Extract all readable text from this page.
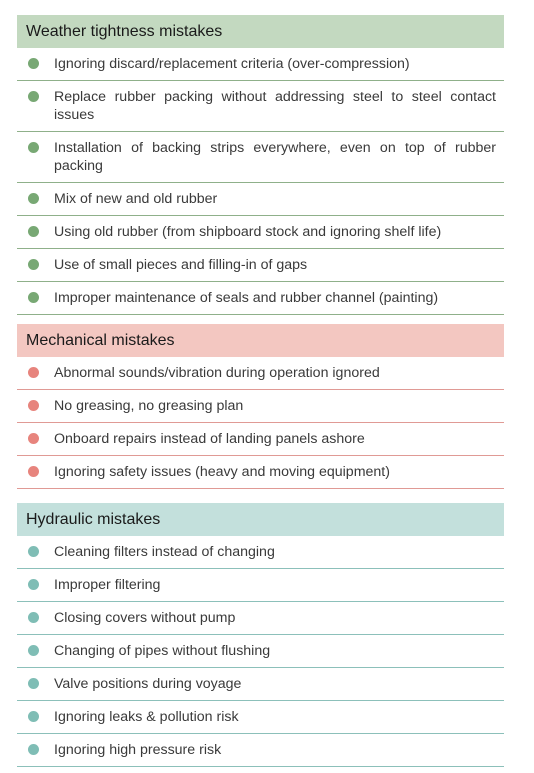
Weather tightness mistakes
Ignoring discard/replacement criteria (over-compression)
Replace rubber packing without addressing steel to steel contact issues
Installation of backing strips everywhere, even on top of rubber packing
Mix of new and old rubber
Using old rubber (from shipboard stock and ignoring shelf life)
Use of small pieces and filling-in of gaps
Improper maintenance of seals and rubber channel (painting)
Mechanical mistakes
Abnormal sounds/vibration during operation ignored
No greasing, no greasing plan
Onboard repairs instead of landing panels ashore
Ignoring safety issues (heavy and moving equipment)
Hydraulic mistakes
Cleaning filters instead of changing
Improper filtering
Closing covers without pump
Changing of pipes without flushing
Valve positions during voyage
Ignoring leaks & pollution risk
Ignoring high pressure risk
